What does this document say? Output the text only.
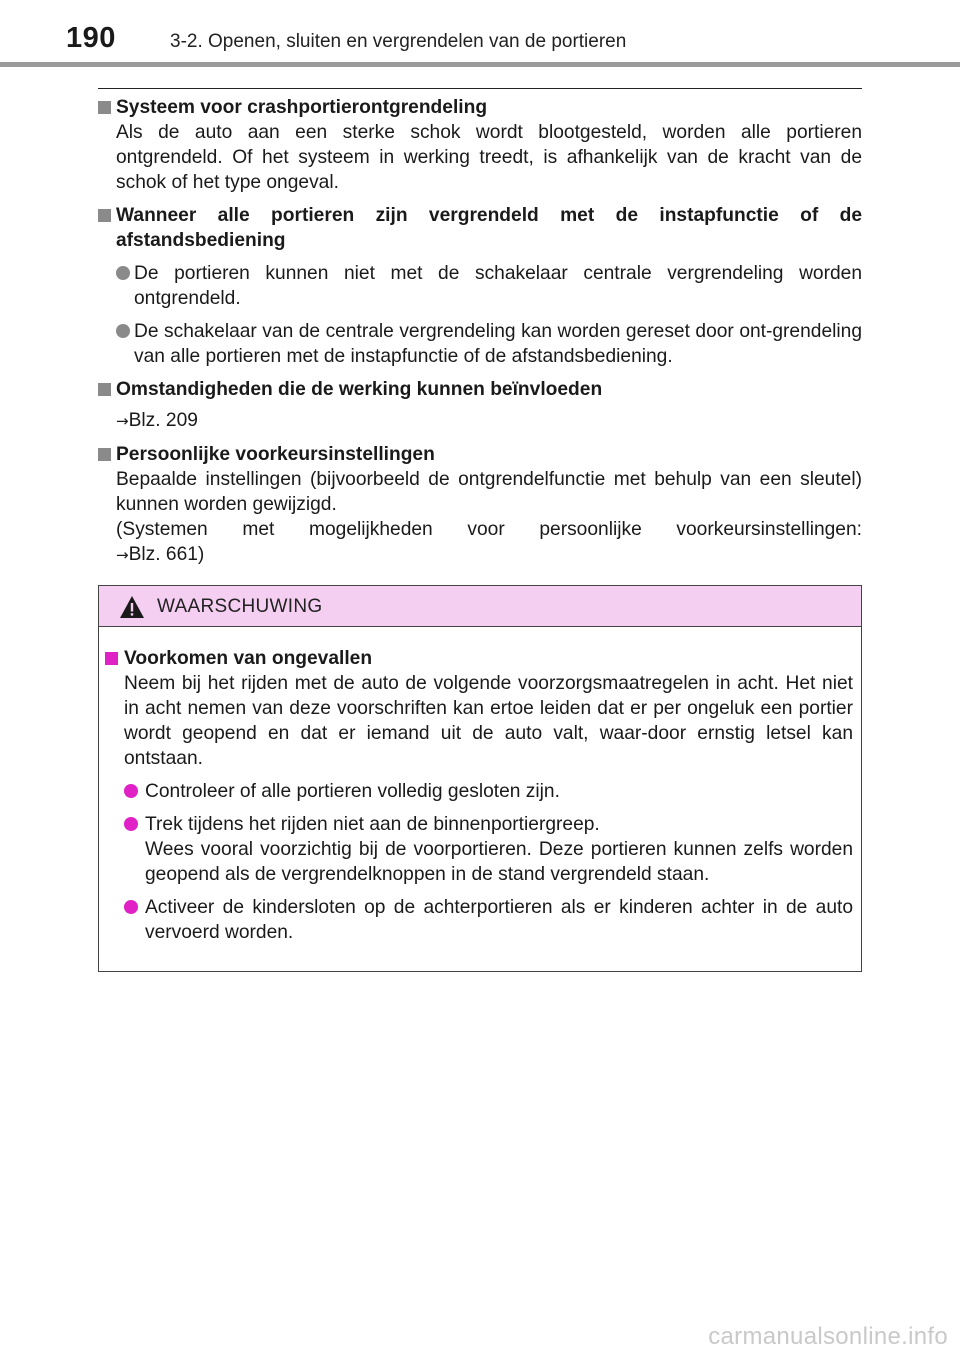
190	3-2. Openen, sluiten en vergrendelen van de portieren
Systeem voor crashportierontgrendeling
Als de auto aan een sterke schok wordt blootgesteld, worden alle portieren ontgrendeld. Of het systeem in werking treedt, is afhankelijk van de kracht van de schok of het type ongeval.
Wanneer alle portieren zijn vergrendeld met de instapfunctie of de afstandsbediening
De portieren kunnen niet met de schakelaar centrale vergrendeling worden ontgrendeld.
De schakelaar van de centrale vergrendeling kan worden gereset door ont-grendeling van alle portieren met de instapfunctie of de afstandsbediening.
Omstandigheden die de werking kunnen beïnvloeden
→Blz. 209
Persoonlijke voorkeursinstellingen
Bepaalde instellingen (bijvoorbeeld de ontgrendelfunctie met behulp van een sleutel) kunnen worden gewijzigd.
(Systemen met mogelijkheden voor persoonlijke voorkeursinstellingen:
→Blz. 661)
WAARSCHUWING
Voorkomen van ongevallen
Neem bij het rijden met de auto de volgende voorzorgsmaatregelen in acht. Het niet in acht nemen van deze voorschriften kan ertoe leiden dat er per ongeluk een portier wordt geopend en dat er iemand uit de auto valt, waar-door ernstig letsel kan ontstaan.
Controleer of alle portieren volledig gesloten zijn.
Trek tijdens het rijden niet aan de binnenportiergreep.
Wees vooral voorzichtig bij de voorportieren. Deze portieren kunnen zelfs worden geopend als de vergrendelknoppen in de stand vergrendeld staan.
Activeer de kindersloten op de achterportieren als er kinderen achter in de auto vervoerd worden.
carmanualsonline.info
